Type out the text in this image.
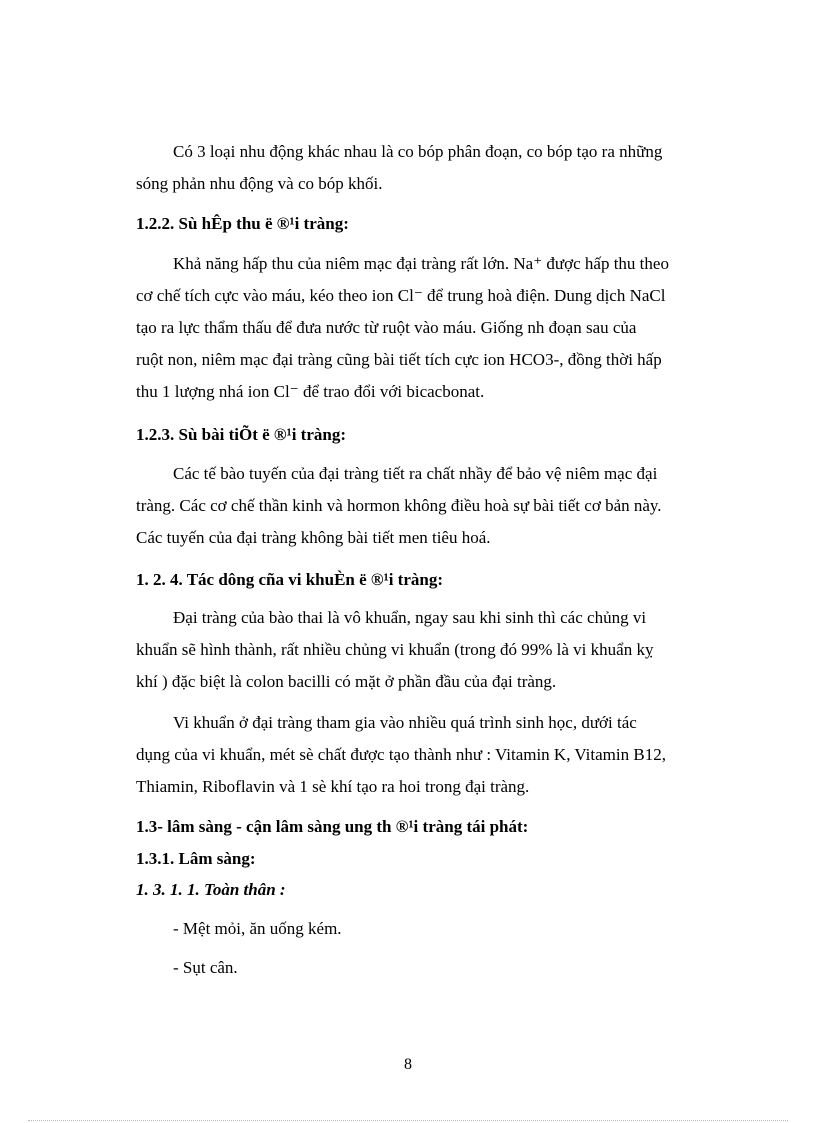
Có 3 loại nhu động khác nhau là co bóp phân đoạn, co bóp tạo ra những
sóng phản nhu động và co bóp khối.

1.2.2. Sù hÊp thu ë ®¹i tràng:

Khả năng hấp thu của niêm mạc đại tràng rất lớn. Na⁺ được hấp thu theo
cơ chế tích cực vào máu, kéo theo ion Cl⁻ để trung hoà điện. Dung dịch NaCl
tạo ra lực thẩm thấu để đưa nước từ ruột vào máu. Giống nh đoạn sau của
ruột non, niêm mạc đại tràng cũng bài tiết tích cực ion HCO3-, đồng thời hấp
thu 1 lượng nhá ion Cl⁻ để trao đổi với bicacbonat.

1.2.3. Sù bài tiÕt ë ®¹i tràng:

Các tế bào tuyến của đại tràng tiết ra chất nhầy để bảo vệ niêm mạc đại
tràng. Các cơ chế thần kinh và hormon không điều hoà sự bài tiết cơ bản này.
Các tuyến của đại tràng không bài tiết men tiêu hoá.

1. 2. 4. Tác dông cña vi khuÈn ë ®¹i tràng:

Đại tràng của bào thai là vô khuẩn, ngay sau khi sinh thì các chủng vi
khuẩn sẽ hình thành, rất nhiều chủng vi khuẩn (trong đó 99% là vi khuẩn kỵ
khí ) đặc biệt là colon bacilli có mặt ở phần đầu của đại tràng.

Vi khuẩn ở đại tràng tham gia vào nhiều quá trình sinh học, dưới tác
dụng của vi khuẩn, mét sè chất được tạo thành như : Vitamin K, Vitamin B12,
Thiamin, Riboflavin và 1 sè khí tạo ra hoi trong đại tràng.

1.3- lâm sàng - cận lâm sàng ung th ®¹i tràng tái phát:
1.3.1. Lâm sàng:
1. 3. 1. 1. Toàn thân :
- Mệt mỏi, ăn uống kém.
- Sụt cân.
8
